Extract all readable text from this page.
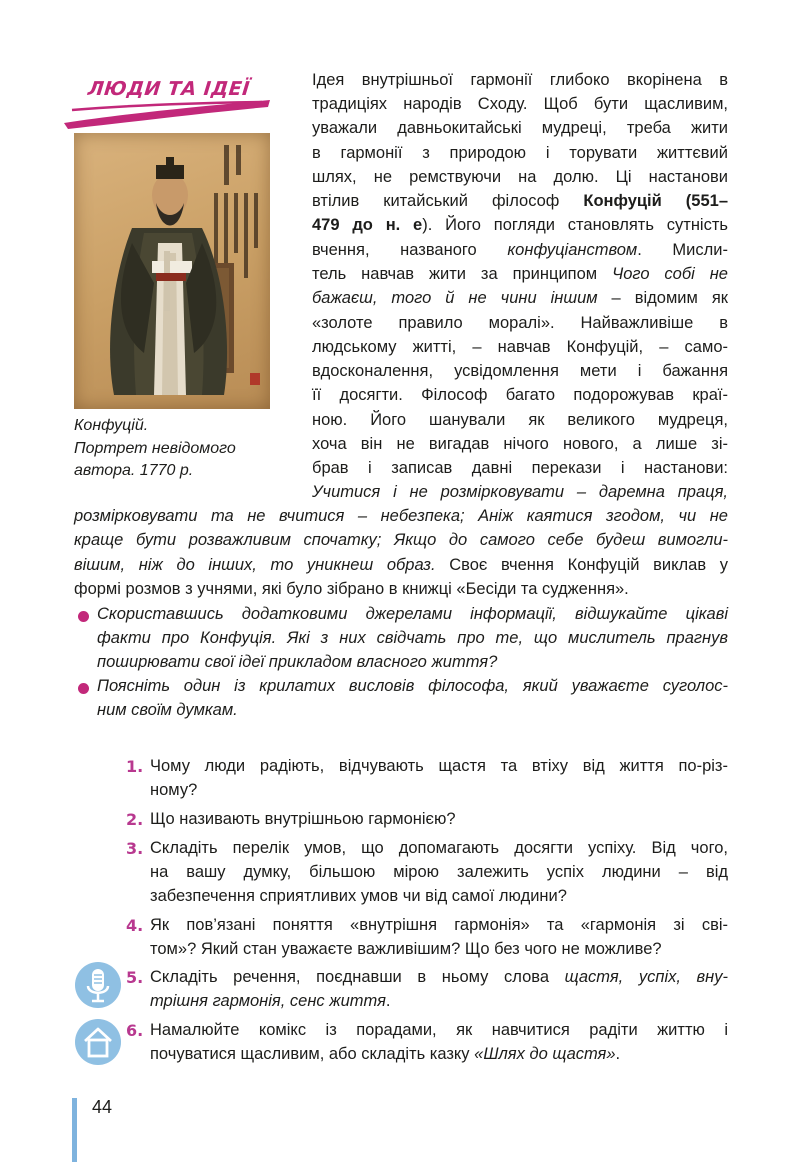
ЛЮДИ ТА ІДЕЇ
Конфуцій.
Портрет невідомого
автора. 1770 р.
Ідея внутрішньої гармонії глибоко вкорінена в
традиціях народів Сходу. Щоб бути щасливим,
уважали давньокитайські мудреці, треба жити
в гармонії з природою і торувати життєвий
шлях, не ремствуючи на долю. Ці настанови
втілив китайський філософ Конфуцій (551–
479 до н. е). Його погляди становлять сутність
вчення, названого конфуціанством. Мисли-
тель навчав жити за принципом Чого собі не
бажаєш, того й не чини іншим – відомим як
«золоте правило моралі». Найважливіше в
людському житті, – навчав Конфуцій, – само-
вдосконалення, усвідомлення мети і бажання
її досягти. Філософ багато подорожував краї-
ною. Його шанували як великого мудреця,
хоча він не вигадав нічого нового, а лише зі-
брав і записав давні перекази і настанови:
Учитися і не розмірковувати – даремна праця,
розмірковувати та не вчитися – небезпека; Аніж каятися згодом, чи не
краще бути розважливим спочатку; Якщо до самого себе будеш вимогли-
вішим, ніж до інших, то уникнеш образ. Своє вчення Конфуцій виклав у
формі розмов з учнями, які було зібрано в книжці «Бесіди та судження».
Скориставшись додатковими джерелами інформації, відшукайте цікаві
факти про Конфуція. Які з них свідчать про те, що мислитель прагнув
поширювати свої ідеї прикладом власного життя?
Поясніть один із крилатих висловів філософа, який уважаєте суголос-
ним своїм думкам.
1. Чому люди радіють, відчувають щастя та втіху від життя по-різ-
ному?
2. Що називають внутрішньою гармонією?
3. Складіть перелік умов, що допомагають досягти успіху. Від чого,
на вашу думку, більшою мірою залежить успіх людини – від
забезпечення сприятливих умов чи від самої людини?
4. Як пов’язані поняття «внутрішня гармонія» та «гармонія зі сві-
том»? Який стан уважаєте важливішим? Що без чого не можливе?
5. Складіть речення, поєднавши в ньому слова щастя, успіх, вну-
трішня гармонія, сенс життя.
6. Намалюйте комікс із порадами, як навчитися радіти життю і
почуватися щасливим, або складіть казку «Шлях до щастя».
44
